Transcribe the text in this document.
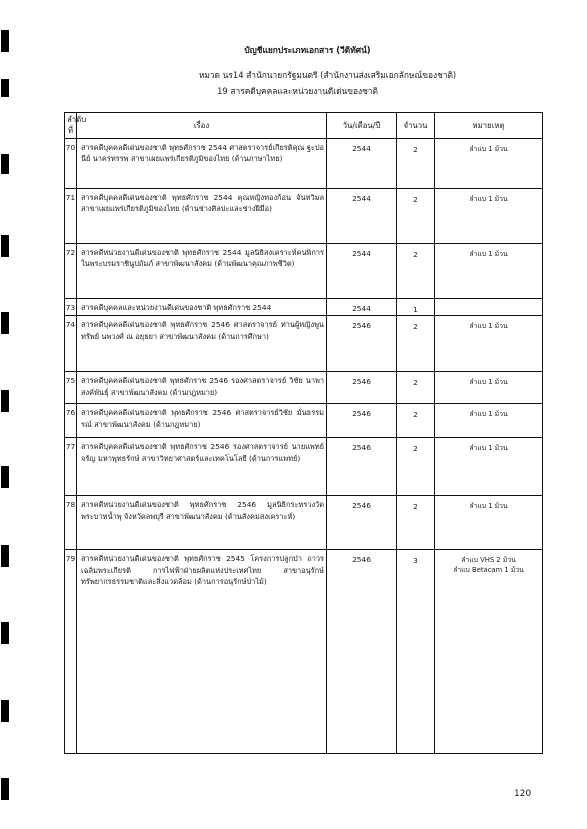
บัญชีแยกประเภทเอกสาร (วีดิทัศน์)
หมวด นร14 สำนักนายกรัฐมนตรี (สำนักงานส่งเสริมเอกลักษณ์ของชาติ)
19 สารคดีบุคคลและหน่วยงานดีเด่นของชาติ
ลำดับที่	เรื่อง	วัน/เดือน/ปี	จำนวน	หมายเหตุ
70	สารคดีบุคคลดีเด่นของชาติ พุทธศักราช 2544 ศาสตราจารย์เกียรติคุณ ฐะปอนีย์ นาครทรรพ สาขาเผยแพร่เกียรติภูมิของไทย (ด้านภาษาไทย)	2544	2	ลำแบ 1 ม้วน

71	สารคดีบุคคลดีเด่นของชาติ พุทธศักราช 2544 คุณหญิงทองก้อน จันทวิมล สาขาเผยแพร่เกียรติภูมิของไทย (ด้านช่างศิลปะและช่างฝีมือ)	2544	2	ลำแบ 1 ม้วน

72	สารคดีหน่วยงานดีเด่นของชาติ พุทธศักราช 2544 มูลนิธิสงเคราะห์คนพิการในพระบรมราชินูปถัมภ์ สาขาพัฒนาสังคม (ด้านพัฒนาคุณภาพชีวิต)	2544	2	ลำแบ 1 ม้วน

73	สารคดีบุคคลและหน่วยงานดีเด่นของชาติ พุทธศักราช 2544	2544	1	
74	สารคดีบุคคลดีเด่นของชาติ พุทธศักราช 2546 ศาสตราจารย์ ท่านผู้หญิงพูนทรัพย์ นพวงศ์ ณ อยุธยา สาขาพัฒนาสังคม (ด้านการศึกษา)	2546	2	ลำแบ 1 ม้วน

75	สารคดีบุคคลดีเด่นของชาติ พุทธศักราช 2546 รองศาสตราจารย์ วิชัย นาพาสงค์พันธุ์ สาขาพัฒนาสังคม (ด้านกฎหมาย)	2546	2	ลำแบ 1 ม้วน

76	สารคดีบุคคลดีเด่นของชาติ พุทธศักราช 2546 ศาสตราจารย์วิชัย มั่นธรรมรณ์ สาขาพัฒนาสังคม (ด้านกฎหมาย)	2546	2	ลำแบ 1 ม้วน

77	สารคดีบุคคลดีเด่นของชาติ พุทธศักราช 2546 รองศาสตราจารย์ นายแพทย์ จรัญ มหาพุทธรักษ์ สาขาวิทยาศาสตร์และเทคโนโลยี (ด้านการแพทย์)	2546	2	ลำแบ 1 ม้วน

78	สารคดีหน่วยงานดีเด่นของชาติ พุทธศักราช 2546 มูลนิธิกระทรวงวัดพระบาทน้ำพุ จังหวัดลพบุรี สาขาพัฒนาสังคม (ด้านสังคมสงเคราะห์)	2546	2	ลำแบ 1 ม้วน

79	สารคดีหน่วยงานดีเด่นของชาติ พุทธศักราช 2545 โครงการปลูกป่า ถาวรเฉลิมพระเกียรติ การไฟฟ้าฝ่ายผลิตแห่งประเทศไทย สาขาอนุรักษ์ทรัพยากรธรรมชาติและสิ่งแวดล้อม (ด้านการอนุรักษ์ป่าไม้)	2546	3	ลำแบ VHS 2 ม้วน
ลำแบ Betacam 1 ม้วน
120
